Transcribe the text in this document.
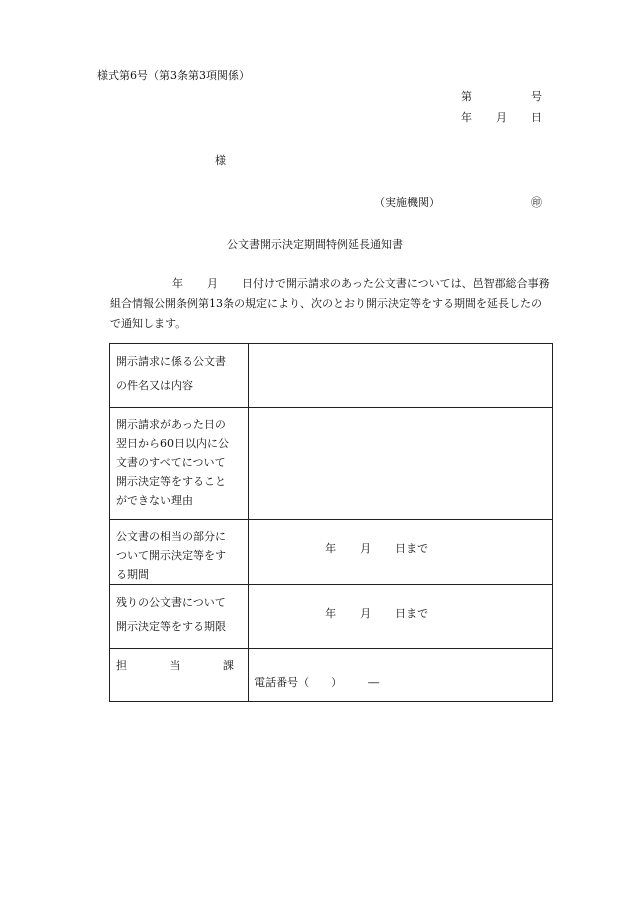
様式第6号（第3条第3項関係）
第	号
年 月 日
様
（実施機関）	㊞
公文書開示決定期間特例延長通知書
年 月 日付けで開示請求のあった公文書については、邑智郡総合事務
組合情報公開条例第13条の規定により、次のとおり開示決定等をする期間を延長したの
で通知します。
開示請求に係る公文書
の件名又は内容	

開示請求があった日の
翌日から60日以内に公
文書のすべてについて
開示決定等をすること
ができない理由	

公文書の相当の部分に
ついて開示決定等をす
る期間	年 月 日まで

残りの公文書について
開示決定等をする期限	年 月 日まで

担 当 課	電話番号（ ） ―
